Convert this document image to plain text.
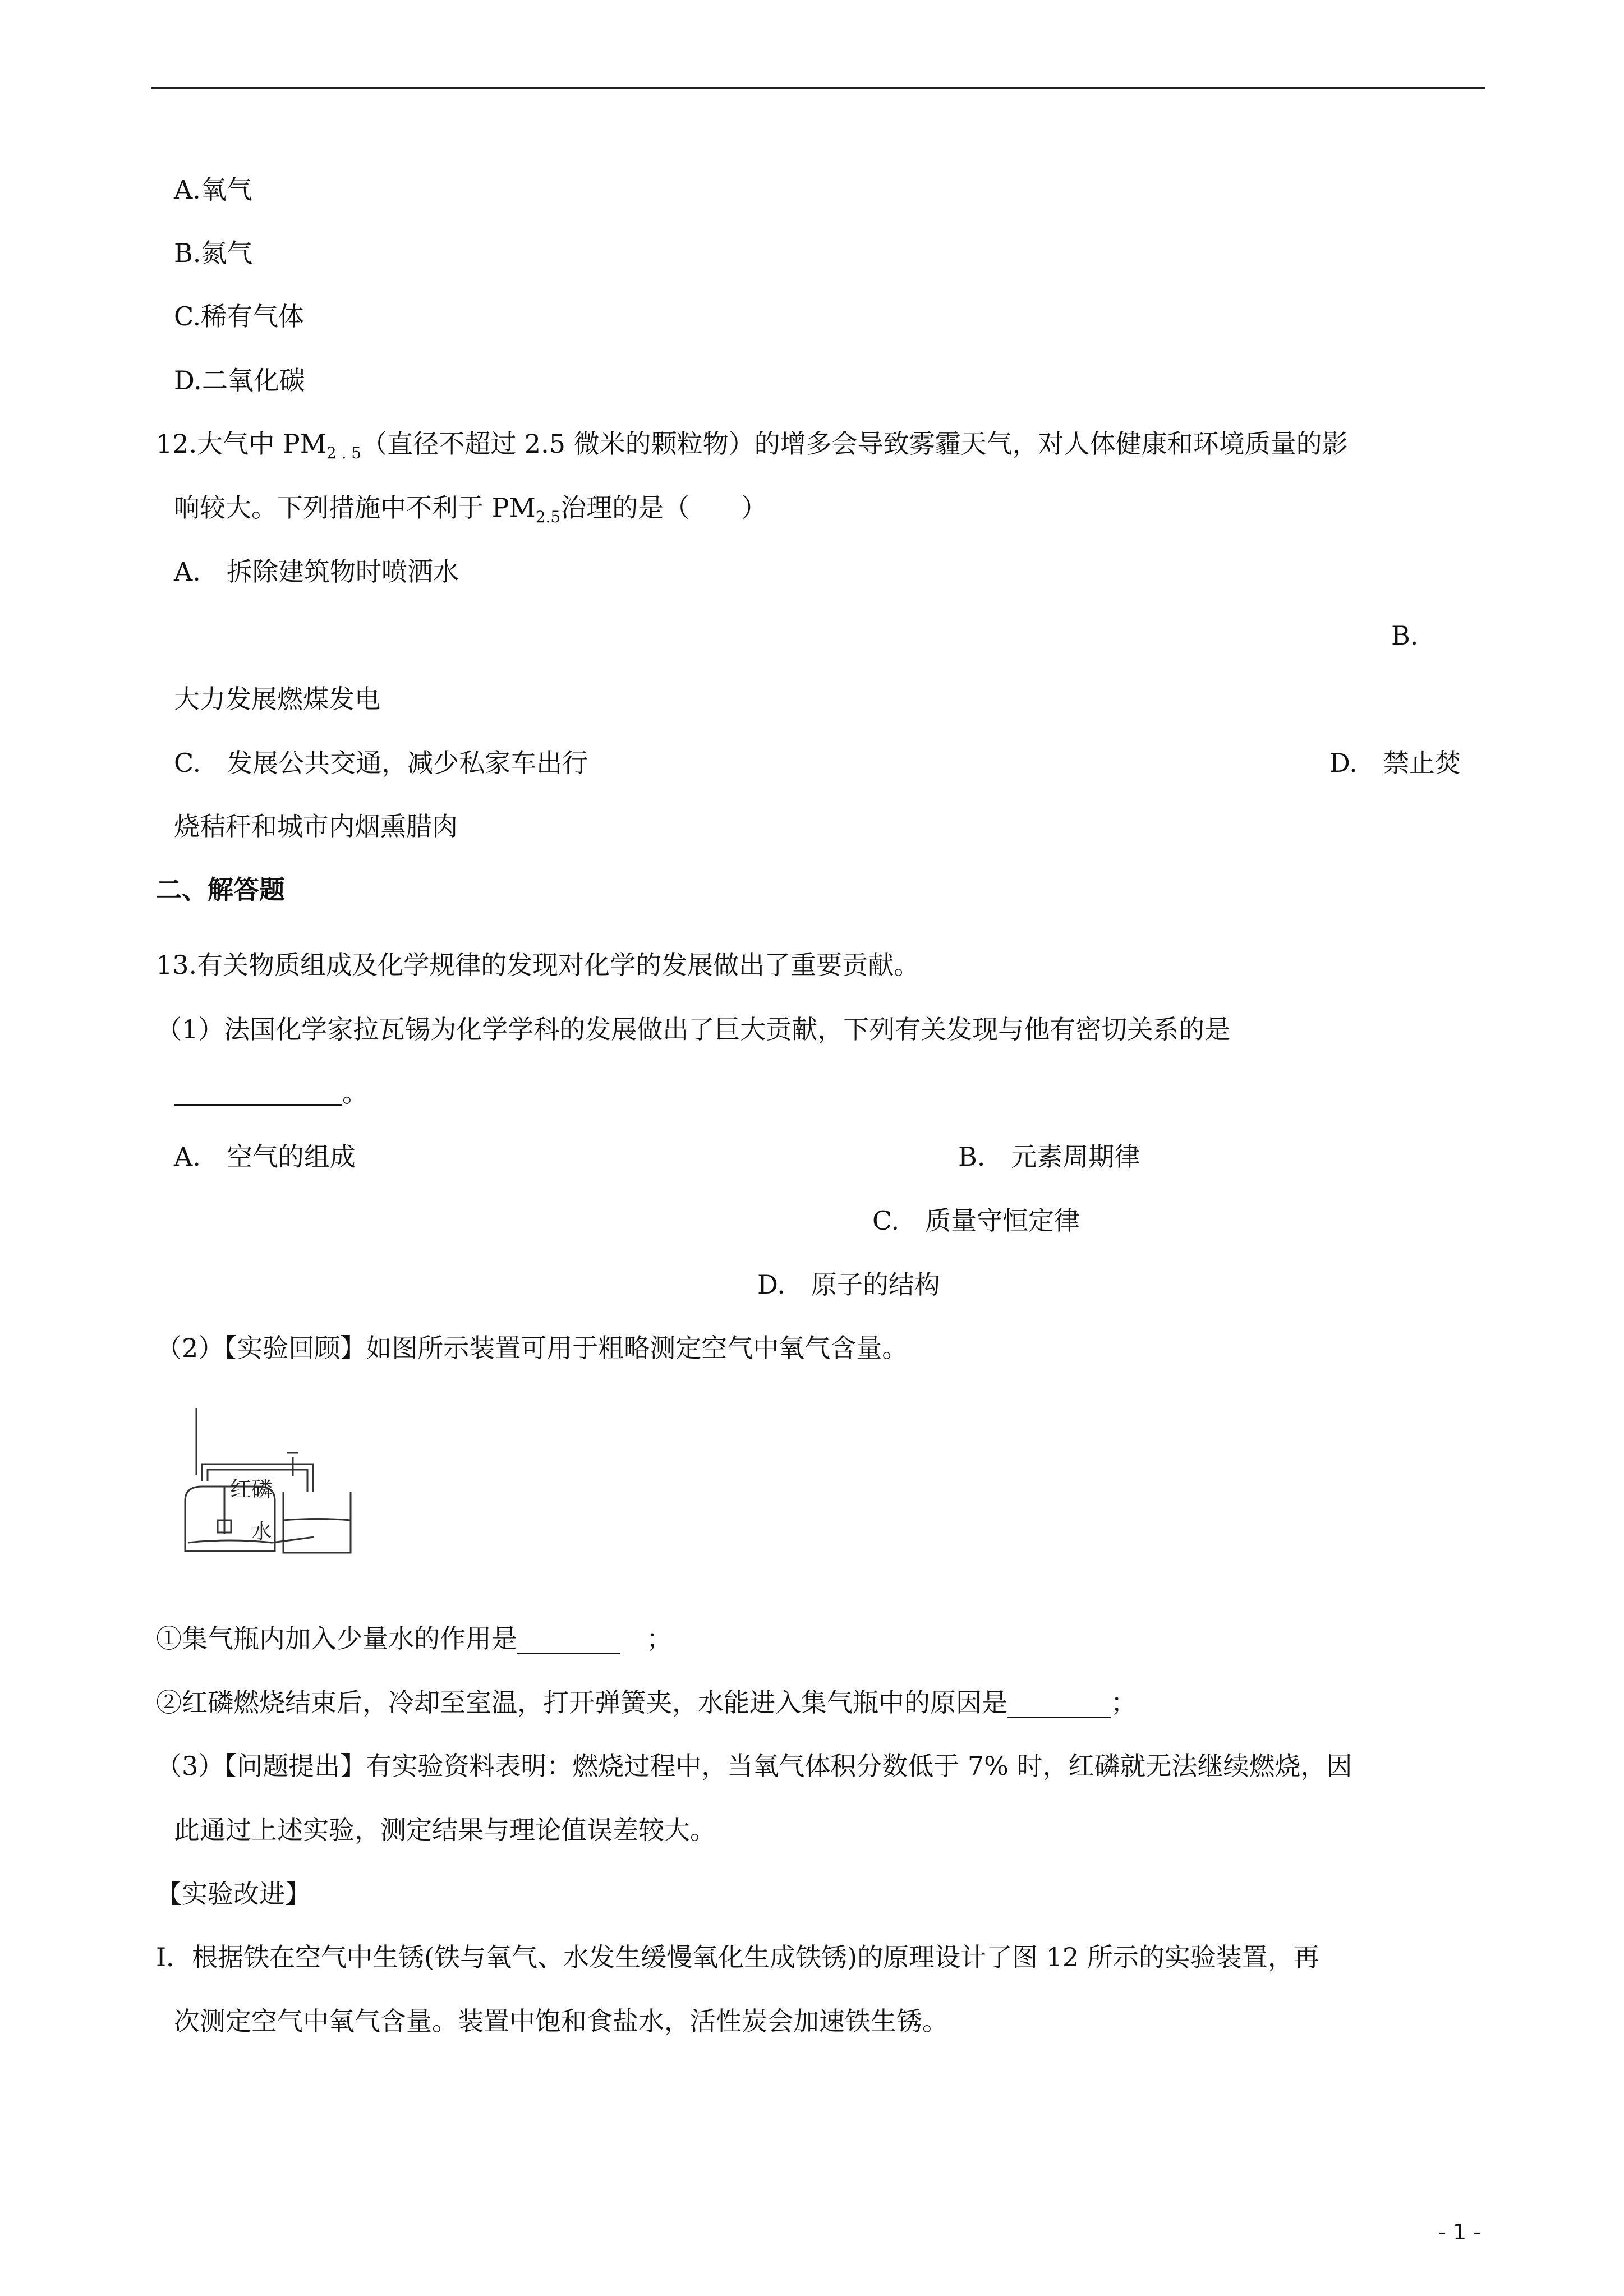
A.氧气
B.氮气
C.稀有气体
D.二氧化碳
12.大气中 $PM_{2 . 5}$（直径不超过 2.5 微米的颗粒物）的增多会导致雾霾天气，对人体健康和环境质量的影
响较大。下列措施中不利于 $PM_{2.5}$治理的是（　　）
A.　拆除建筑物时喷洒水
B.
大力发展燃煤发电
C.　发展公共交通，减少私家车出行	D.　禁止焚
烧秸秆和城市内烟熏腊肉
二、解答题
13.有关物质组成及化学规律的发现对化学的发展做出了重要贡献。
（1）法国化学家拉瓦锡为化学学科的发展做出了巨大贡献，下列有关发现与他有密切关系的是
。
A.　空气的组成	B.　元素周期律
C.　质量守恒定律
D.　原子的结构
（2）【实验回顾】如图所示装置可用于粗略测定空气中氧气含量。
红磷
水
①集气瓶内加入少量水的作用是________　；
②红磷燃烧结束后，冷却至室温，打开弹簧夹，水能进入集气瓶中的原因是________；
（3）【问题提出】有实验资料表明：燃烧过程中，当氧气体积分数低于 7% 时，红磷就无法继续燃烧，因
此通过上述实验，测定结果与理论值误差较大。
【实验改进】
Ⅰ．根据铁在空气中生锈(铁与氧气、水发生缓慢氧化生成铁锈)的原理设计了图 12 所示的实验装置，再
次测定空气中氧气含量。装置中饱和食盐水，活性炭会加速铁生锈。
- 1 -
